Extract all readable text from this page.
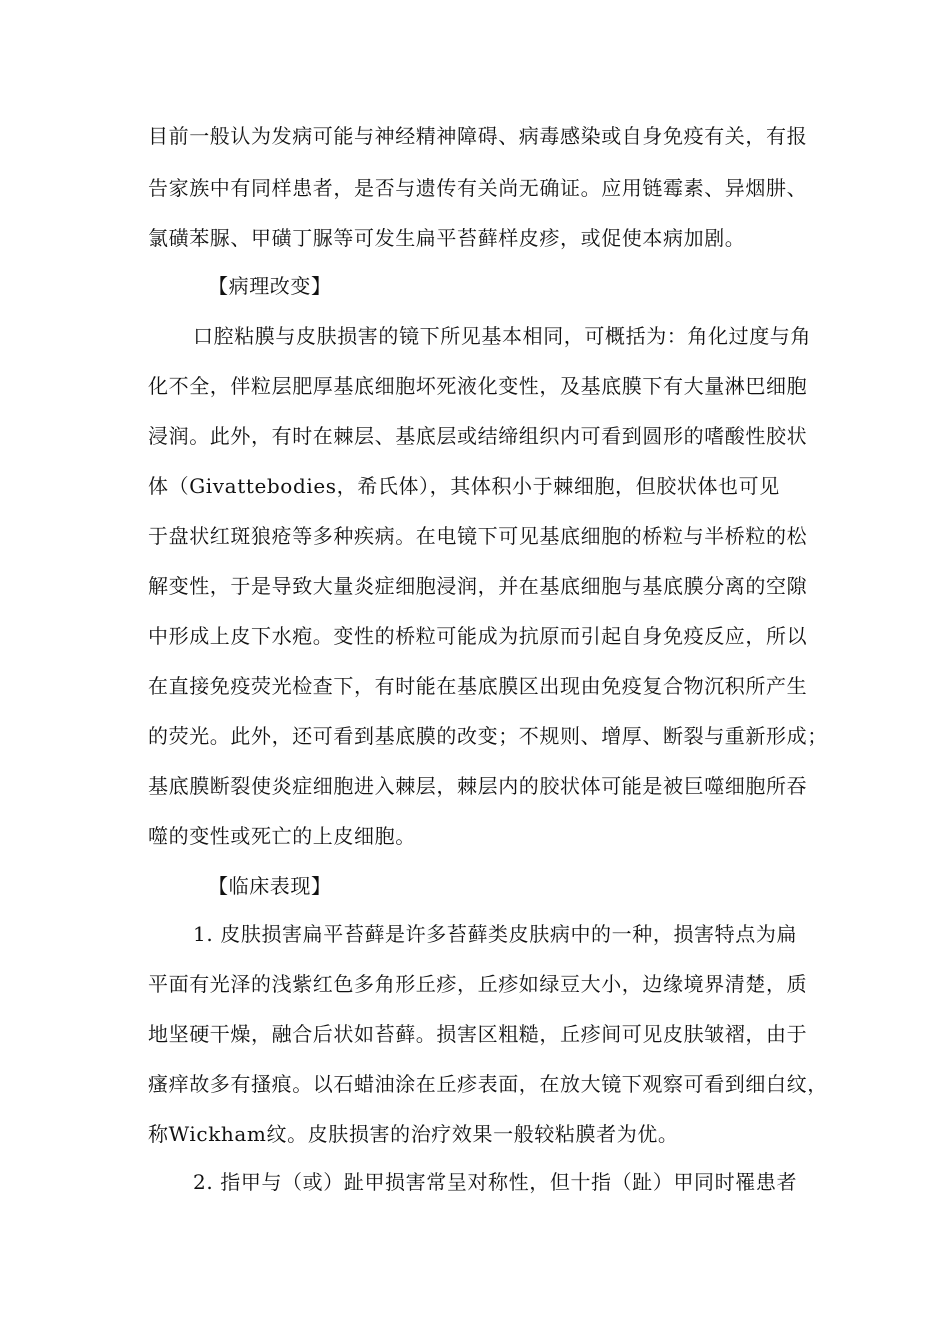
目前一般认为发病可能与神经精神障碍、病毒感染或自身免疫有关，有报
告家族中有同样患者，是否与遗传有关尚无确证。应用链霉素、异烟肼、
氯磺苯脲、甲磺丁脲等可发生扁平苔藓样皮疹，或促使本病加剧。
【病理改变】
口腔粘膜与皮肤损害的镜下所见基本相同，可概括为：角化过度与角
化不全，伴粒层肥厚基底细胞坏死液化变性，及基底膜下有大量淋巴细胞
浸润。此外，有时在棘层、基底层或结缔组织内可看到圆形的嗜酸性胶状
体（Givattebodies，希氏体），其体积小于棘细胞，但胶状体也可见
于盘状红斑狼疮等多种疾病。在电镜下可见基底细胞的桥粒与半桥粒的松
解变性，于是导致大量炎症细胞浸润，并在基底细胞与基底膜分离的空隙
中形成上皮下水疱。变性的桥粒可能成为抗原而引起自身免疫反应，所以
在直接免疫荧光检查下，有时能在基底膜区出现由免疫复合物沉积所产生
的荧光。此外，还可看到基底膜的改变；不规则、增厚、断裂与重新形成；
基底膜断裂使炎症细胞进入棘层，棘层内的胶状体可能是被巨噬细胞所吞
噬的变性或死亡的上皮细胞。
【临床表现】
1. 皮肤损害扁平苔藓是许多苔藓类皮肤病中的一种，损害特点为扁
平面有光泽的浅紫红色多角形丘疹，丘疹如绿豆大小，边缘境界清楚，质
地坚硬干燥，融合后状如苔藓。损害区粗糙，丘疹间可见皮肤皱褶，由于
瘙痒故多有搔痕。以石蜡油涂在丘疹表面，在放大镜下观察可看到细白纹，
称Wickham纹。皮肤损害的治疗效果一般较粘膜者为优。
2. 指甲与（或）趾甲损害常呈对称性，但十指（趾）甲同时罹患者
